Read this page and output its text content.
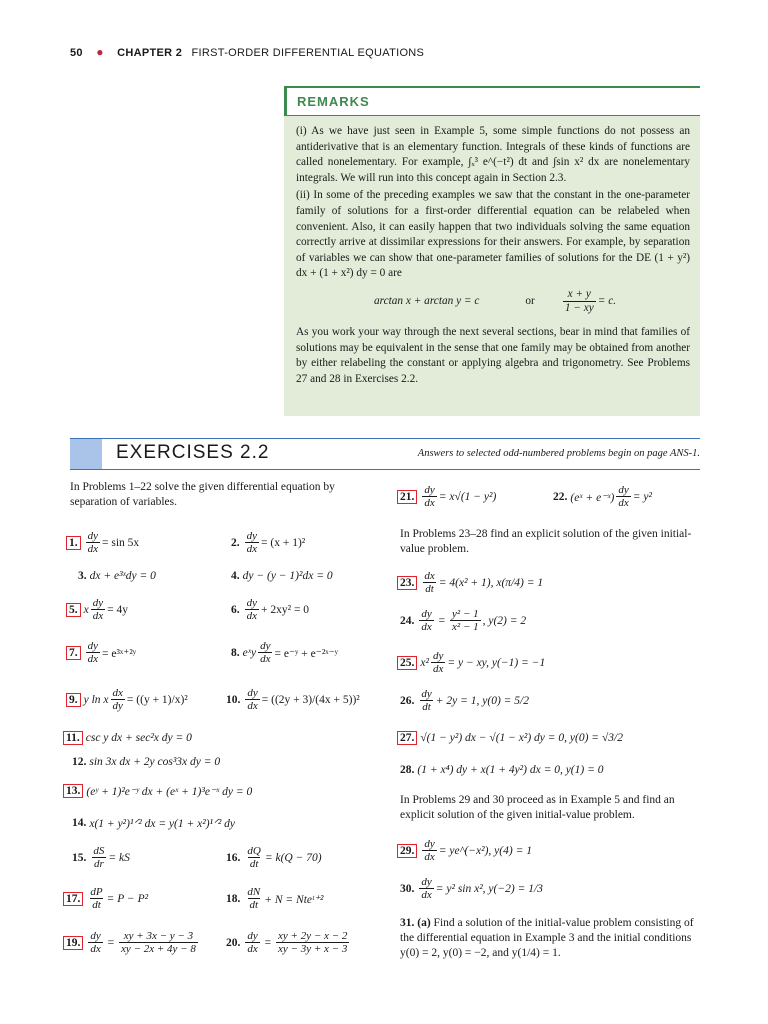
50 ● CHAPTER 2 FIRST-ORDER DIFFERENTIAL EQUATIONS
REMARKS

(i) As we have just seen in Example 5, some simple functions do not possess an antiderivative that is an elementary function. Integrals of these kinds of functions are called nonelementary. For example, ∫ₓ³ e^(−t²) dt and ∫sin x² dx are nonelementary integrals. We will run into this concept again in Section 2.3.

(ii) In some of the preceding examples we saw that the constant in the one-parameter family of solutions for a first-order differential equation can be relabeled when convenient. Also, it can easily happen that two individuals solving the same equation correctly arrive at dissimilar expressions for their answers. For example, by separation of variables we can show that one-parameter families of solutions for the DE (1 + y²) dx + (1 + x²) dy = 0 are

arctan x + arctan y = c	or $\frac{x + y}{1 - xy} = c$.

As you work your way through the next several sections, bear in mind that families of solutions may be equivalent in the sense that one family may be obtained from another by either relabeling the constant or applying algebra and trigonometry. See Problems 27 and 28 in Exercises 2.2.

EXERCISES 2.2	Answers to selected odd-numbered problems begin on page ANS-1.
In Problems 1–22 solve the given differential equation by separation of variables.
1. $\frac{dy}{dx} = \sin 5x$	2. $\frac{dy}{dx} = (x + 1)^2$
3. dx + e³ˣdy = 0	4. dy − (y − 1)²dx = 0
5. x $\frac{dy}{dx} = 4y$	6. $\frac{dy}{dx} + 2xy^2 = 0$
7. $\frac{dy}{dx}$ = e³ˣ⁺²ʸ	8. eˣy $\frac{dy}{dx}$ = e⁻ʸ + e⁻²ˣ⁻ʸ
9. y ln x $\frac{dx}{dy} = ((y + 1)/x)^2$	10. $\frac{dy}{dx} = ((2y + 3)/(4x + 5))^2$
11. csc y dx + sec²x dy = 0
12. sin 3x dx + 2y cos³3x dy = 0
13. (eʸ + 1)²e⁻ʸ dx + (eˣ + 1)³e⁻ˣ dy = 0
14. x(1 + y²)¹ᐟ² dx = y(1 + x²)¹ᐟ² dy
15. $\frac{dS}{dr}$ = kS	16. $\frac{dQ}{dt} = k(Q - 70)$
17. $\frac{dP}{dt} = P - P^2$	18. $\frac{dN}{dt} + N$ = Nteᵗ⁺²
19. $\frac{dy}{dx} = \frac{xy + 3x - y - 3}{xy - 2x + 4y - 8} 20$. $\frac{dy}{dx} = \frac{xy + 2y - x - 2}{xy - 3y + x - 3}$
21. $\frac{dy}{dx} = x√(1 - y^2)$	22. (eˣ + e⁻ˣ) $\frac{dy}{dx} = y^2$
In Problems 23–28 find an explicit solution of the given initial-value problem.
23. $\frac{dx}{dt} = 4(x^2 + 1)$, x(π/4) = 1
24. $\frac{dy}{dx} = \frac{\text{y² − 1}}{\text{x² − 1}}$ , y(2) = 2
25. $x^2 \frac{dy}{dx} = y$ − xy, y(−1) = −1
26. $\frac{dy}{dt} + 2y = 1$, y(0) = 5/2
27. √(1 − y²) dx − √(1 − x²) dy = 0, y(0) = √3/2
28. (1 + x⁴) dy + x(1 + 4y²) dx = 0, y(1) = 0
In Problems 29 and 30 proceed as in Example 5 and find an explicit solution of the given initial-value problem.
29. $\frac{dy}{dx}$ = ye^(−x²), y(4) = 1
30. $\frac{dy}{dx} = y^2$ sin x², y(−2) = 1/3
31. (a) Find a solution of the initial-value problem consisting of the differential equation in Example 3 and the initial conditions y(0) = 2, y(0) = −2, and y(1/4) = 1.
